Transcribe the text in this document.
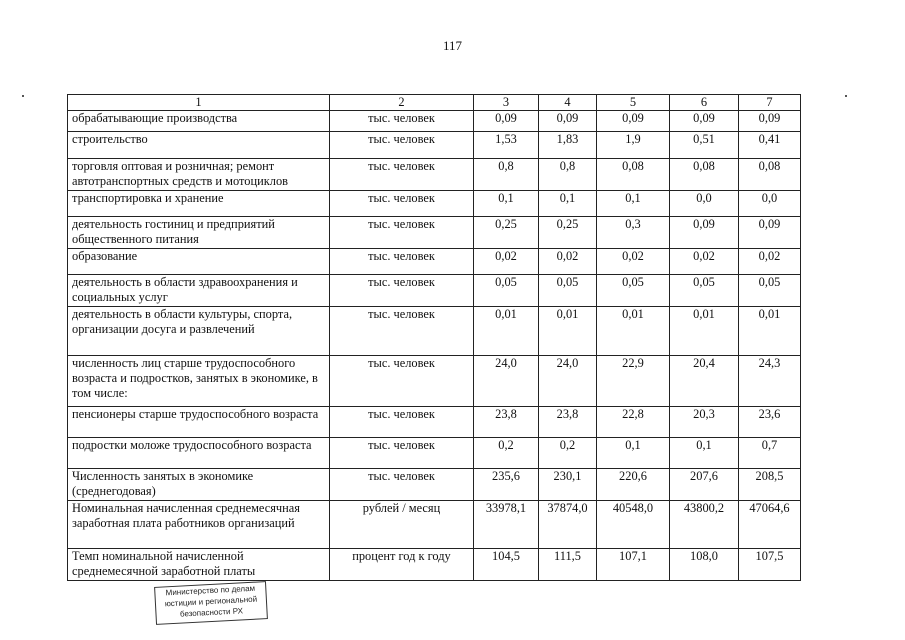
117
1	2	3	4	5	6	7
обрабатывающие производства	тыс. человек	0,09	0,09	0,09	0,09	0,09
строительство	тыс. человек	1,53	1,83	1,9	0,51	0,41
торговля оптовая и розничная; ремонт автотранспортных средств и мотоциклов	тыс. человек	0,8	0,8	0,08	0,08	0,08
транспортировка и хранение	тыс. человек	0,1	0,1	0,1	0,0	0,0
деятельность гостиниц и предприятий общественного питания	тыс. человек	0,25	0,25	0,3	0,09	0,09
образование	тыс. человек	0,02	0,02	0,02	0,02	0,02
деятельность в области здравоохранения и социальных услуг	тыс. человек	0,05	0,05	0,05	0,05	0,05
деятельность в области культуры, спорта, организации досуга и развлечений	тыс. человек	0,01	0,01	0,01	0,01	0,01
численность лиц старше трудоспособного возраста и подростков, занятых в экономике, в том числе:	тыс. человек	24,0	24,0	22,9	20,4	24,3
пенсионеры старше трудоспособного возраста	тыс. человек	23,8	23,8	22,8	20,3	23,6
подростки моложе трудоспособного возраста	тыс. человек	0,2	0,2	0,1	0,1	0,7
Численность занятых в экономике (среднегодовая)	тыс. человек	235,6	230,1	220,6	207,6	208,5
Номинальная начисленная среднемесячная заработная плата работников организаций	рублей / месяц	33978,1	37874,0	40548,0	43800,2	47064,6
Темп номинальной начисленной среднемесячной заработной платы	процент год к году	104,5	111,5	107,1	108,0	107,5
Министерство по делам
юстиции и региональной
безопасности РХ
